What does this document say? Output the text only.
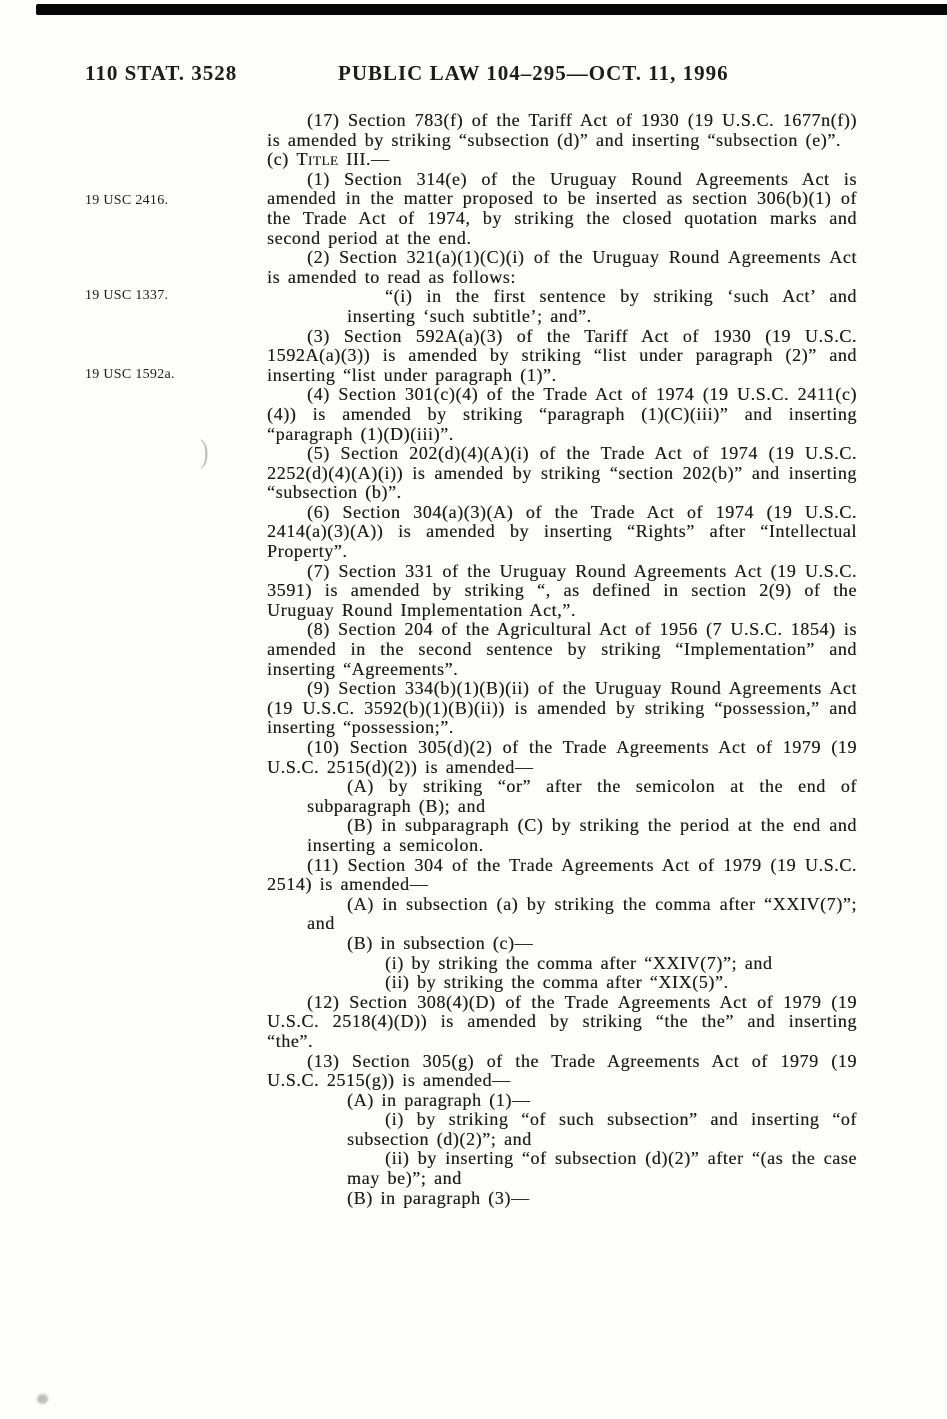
)
110 STAT. 3528	PUBLIC LAW 104–295—OCT. 11, 1996
19 USC 2416.
19 USC 1337.
19 USC 1592a.

(17) Section 783(f) of the Tariff Act of 1930 (19 U.S.C. 1677n(f)) is amended by striking “subsection (d)” and inserting “subsection (e)”.

(c) Title III.—

(1) Section 314(e) of the Uruguay Round Agreements Act is amended in the matter proposed to be inserted as section 306(b)(1) of the Trade Act of 1974, by striking the closed quotation marks and second period at the end.

(2) Section 321(a)(1)(C)(i) of the Uruguay Round Agreements Act is amended to read as follows:

“(i) in the first sentence by striking ‘such Act’ and inserting ‘such subtitle’; and”.

(3) Section 592A(a)(3) of the Tariff Act of 1930 (19 U.S.C. 1592A(a)(3)) is amended by striking “list under paragraph (2)” and inserting “list under paragraph (1)”.

(4) Section 301(c)(4) of the Trade Act of 1974 (19 U.S.C. 2411(c)(4)) is amended by striking “paragraph (1)(C)(iii)” and inserting “paragraph (1)(D)(iii)”.

(5) Section 202(d)(4)(A)(i) of the Trade Act of 1974 (19 U.S.C. 2252(d)(4)(A)(i)) is amended by striking “section 202(b)” and inserting “subsection (b)”.

(6) Section 304(a)(3)(A) of the Trade Act of 1974 (19 U.S.C. 2414(a)(3)(A)) is amended by inserting “Rights” after “Intellectual Property”.

(7) Section 331 of the Uruguay Round Agreements Act (19 U.S.C. 3591) is amended by striking “, as defined in section 2(9) of the Uruguay Round Implementation Act,”.

(8) Section 204 of the Agricultural Act of 1956 (7 U.S.C. 1854) is amended in the second sentence by striking “Implementation” and inserting “Agreements”.

(9) Section 334(b)(1)(B)(ii) of the Uruguay Round Agreements Act (19 U.S.C. 3592(b)(1)(B)(ii)) is amended by striking “possession,” and inserting “possession;”.

(10) Section 305(d)(2) of the Trade Agreements Act of 1979 (19 U.S.C. 2515(d)(2)) is amended—

(A) by striking “or” after the semicolon at the end of subparagraph (B); and

(B) in subparagraph (C) by striking the period at the end and inserting a semicolon.

(11) Section 304 of the Trade Agreements Act of 1979 (19 U.S.C. 2514) is amended—

(A) in subsection (a) by striking the comma after “XXIV(7)”; and

(B) in subsection (c)—

(i) by striking the comma after “XXIV(7)”; and

(ii) by striking the comma after “XIX(5)”.

(12) Section 308(4)(D) of the Trade Agreements Act of 1979 (19 U.S.C. 2518(4)(D)) is amended by striking “the the” and inserting “the”.

(13) Section 305(g) of the Trade Agreements Act of 1979 (19 U.S.C. 2515(g)) is amended—

(A) in paragraph (1)—

(i) by striking “of such subsection” and inserting “of subsection (d)(2)”; and

(ii) by inserting “of subsection (d)(2)” after “(as the case may be)”; and

(B) in paragraph (3)—
